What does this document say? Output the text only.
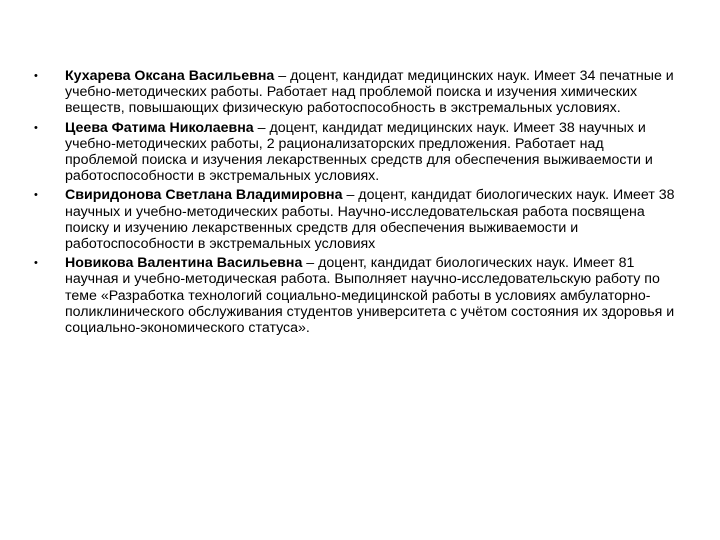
• Кухарева Оксана Васильевна – доцент, кандидат медицинских наук. Имеет 34 печатные и учебно-методических работы. Работает над проблемой поиска и изучения химических веществ, повышающих физическую работоспособность в экстремальных условиях.
• Цеева Фатима Николаевна – доцент, кандидат медицинских наук. Имеет 38 научных и учебно-методических работы, 2 рационализаторских предложения. Работает над проблемой поиска и изучения лекарственных средств для обеспечения выживаемости и работоспособности в экстремальных условиях.
• Свиридонова Светлана Владимировна – доцент, кандидат биологических наук. Имеет 38 научных и учебно-методических работы. Научно-исследовательская работа посвящена поиску и изучению лекарственных средств для обеспечения выживаемости и работоспособности в экстремальных условиях
• Новикова Валентина Васильевна – доцент, кандидат биологических наук. Имеет 81 научная и учебно-методическая работа. Выполняет научно-исследовательскую работу по теме «Разработка технологий социально-медицинской работы в условиях амбулаторно-поликлинического обслуживания студентов университета с учётом состояния их здоровья и социально-экономического статуса».
